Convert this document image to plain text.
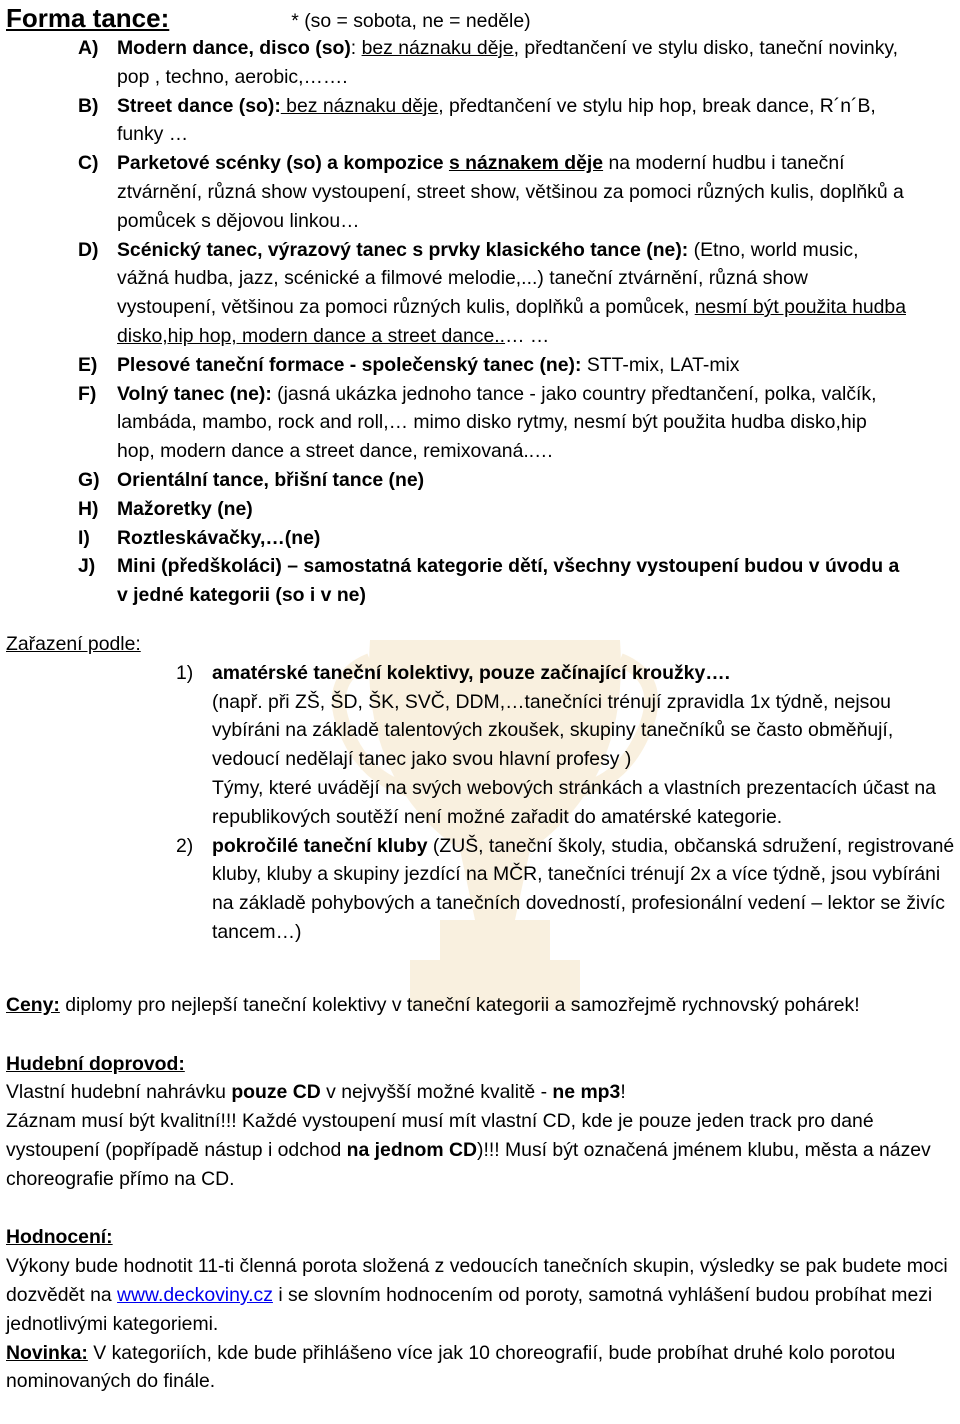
Forma tance:	* (so = sobota, ne = neděle)
A) Modern dance, disco (so): bez náznaku děje, předtančení ve stylu disko, taneční novinky, pop , techno, aerobic,…….
B) Street dance (so): bez náznaku děje, předtančení ve stylu hip hop, break dance, R´n´B, funky …
C) Parketové scénky (so) a kompozice s náznakem děje na moderní hudbu i taneční ztvárnění, různá show vystoupení, street show, většinou za pomoci různých kulis, doplňků a pomůcek s dějovou linkou…
D) Scénický tanec, výrazový tanec s prvky klasického tance (ne): (Etno, world music, vážná hudba, jazz, scénické a filmové melodie,...) taneční ztvárnění, různá show vystoupení, většinou za pomoci různých kulis, doplňků a pomůcek, nesmí být použita hudba disko,hip hop, modern dance a street dance..… …
E)	Plesové taneční formace - společenský tanec (ne): STT-mix, LAT-mix
F)	Volný tanec (ne): (jasná ukázka jednoho tance - jako country předtančení, polka, valčík, lambáda, mambo, rock and roll,… mimo disko rytmy, nesmí být použita hudba disko,hip hop, modern dance a street dance, remixovaná..…
G) Orientální tance, břišní tance (ne)
H) Mažoretky (ne)
I)	Roztleskávačky,…(ne)
J)	Mini (předškoláci) – samostatná kategorie dětí, všechny vystoupení budou v úvodu a v jedné kategorii (so i v ne)
Zařazení podle:
1) amatérské taneční kolektivy, pouze začínající kroužky….
(např. při ZŠ, ŠD, ŠK, SVČ, DDM,…tanečníci trénují zpravidla 1x týdně, nejsou vybíráni na základě talentových zkoušek, skupiny tanečníků se často obměňují, vedoucí nedělají tanec jako svou hlavní profesy )
Týmy, které uvádějí na svých webových stránkách a vlastních prezentacích účast na republikových soutěží není možné zařadit do amatérské kategorie.
2) pokročilé taneční kluby (ZUŠ, taneční školy, studia, občanská sdružení, registrované kluby, kluby a skupiny jezdící na MČR, tanečníci trénují 2x a více týdně, jsou vybíráni na základě pohybových a tanečních dovedností, profesionální vedení – lektor se živíc tancem…)
Ceny: diplomy pro nejlepší taneční kolektivy v taneční kategorii a samozřejmě rychnovský pohárek!
Hudební doprovod:
Vlastní hudební nahrávku pouze CD v nejvyšší možné kvalitě - ne mp3!
Záznam musí být kvalitní!!! Každé vystoupení musí mít vlastní CD, kde je pouze jeden track pro dané vystoupení (popřípadě nástup i odchod na jednom CD)!!! Musí být označená jménem klubu, města a název choreografie přímo na CD.
Hodnocení:
Výkony bude hodnotit 11-ti členná porota složená z vedoucích tanečních skupin, výsledky se pak budete moci dozvědět na www.deckoviny.cz i se slovním hodnocením od poroty, samotná vyhlášení budou probíhat mezi jednotlivými kategoriemi.
Novinka: V kategoriích, kde bude přihlášeno více jak 10 choreografií, bude probíhat druhé kolo porotou nominovaných do finále.
